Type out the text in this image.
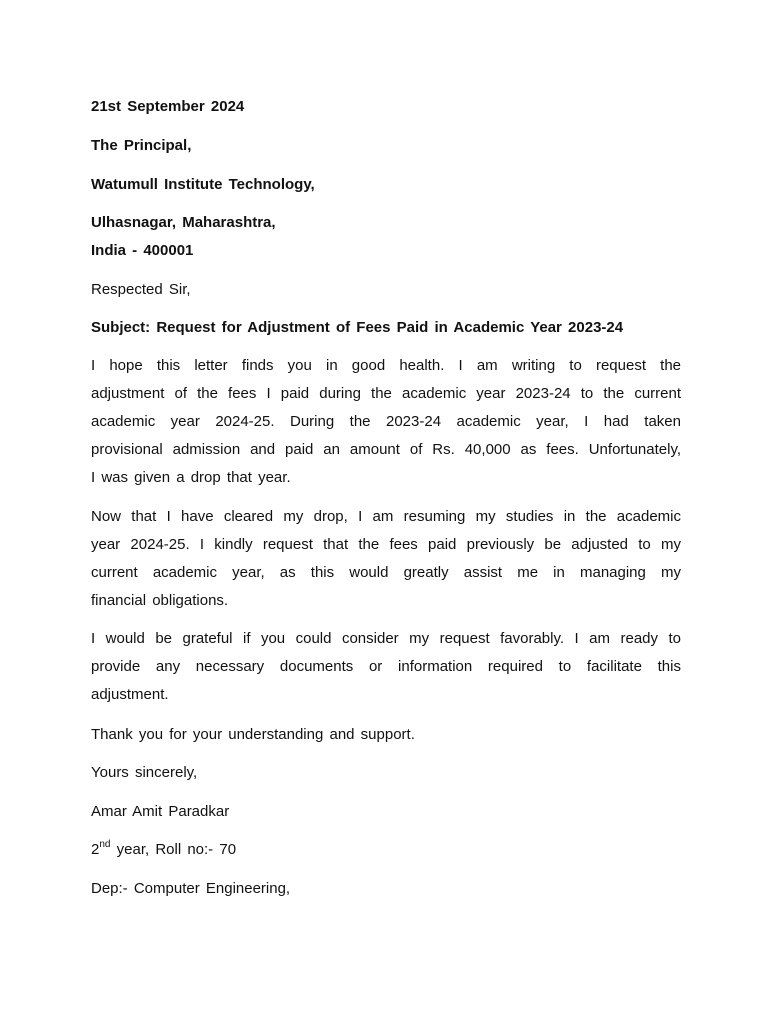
21st September 2024
The Principal,
Watumull Institute Technology,
Ulhasnagar, Maharashtra,
India - 400001
Respected Sir,
Subject: Request for Adjustment of Fees Paid in Academic Year 2023-24
I hope this letter finds you in good health. I am writing to request the
adjustment of the fees I paid during the academic year 2023-24 to the current
academic year 2024-25. During the 2023-24 academic year, I had taken
provisional admission and paid an amount of Rs. 40,000 as fees. Unfortunately,
I was given a drop that year.
Now that I have cleared my drop, I am resuming my studies in the academic
year 2024-25. I kindly request that the fees paid previously be adjusted to my
current academic year, as this would greatly assist me in managing my
financial obligations.
I would be grateful if you could consider my request favorably. I am ready to
provide any necessary documents or information required to facilitate this
adjustment.
Thank you for your understanding and support.
Yours sincerely,
Amar Amit Paradkar
2nd year, Roll no:- 70
Dep:- Computer Engineering,
